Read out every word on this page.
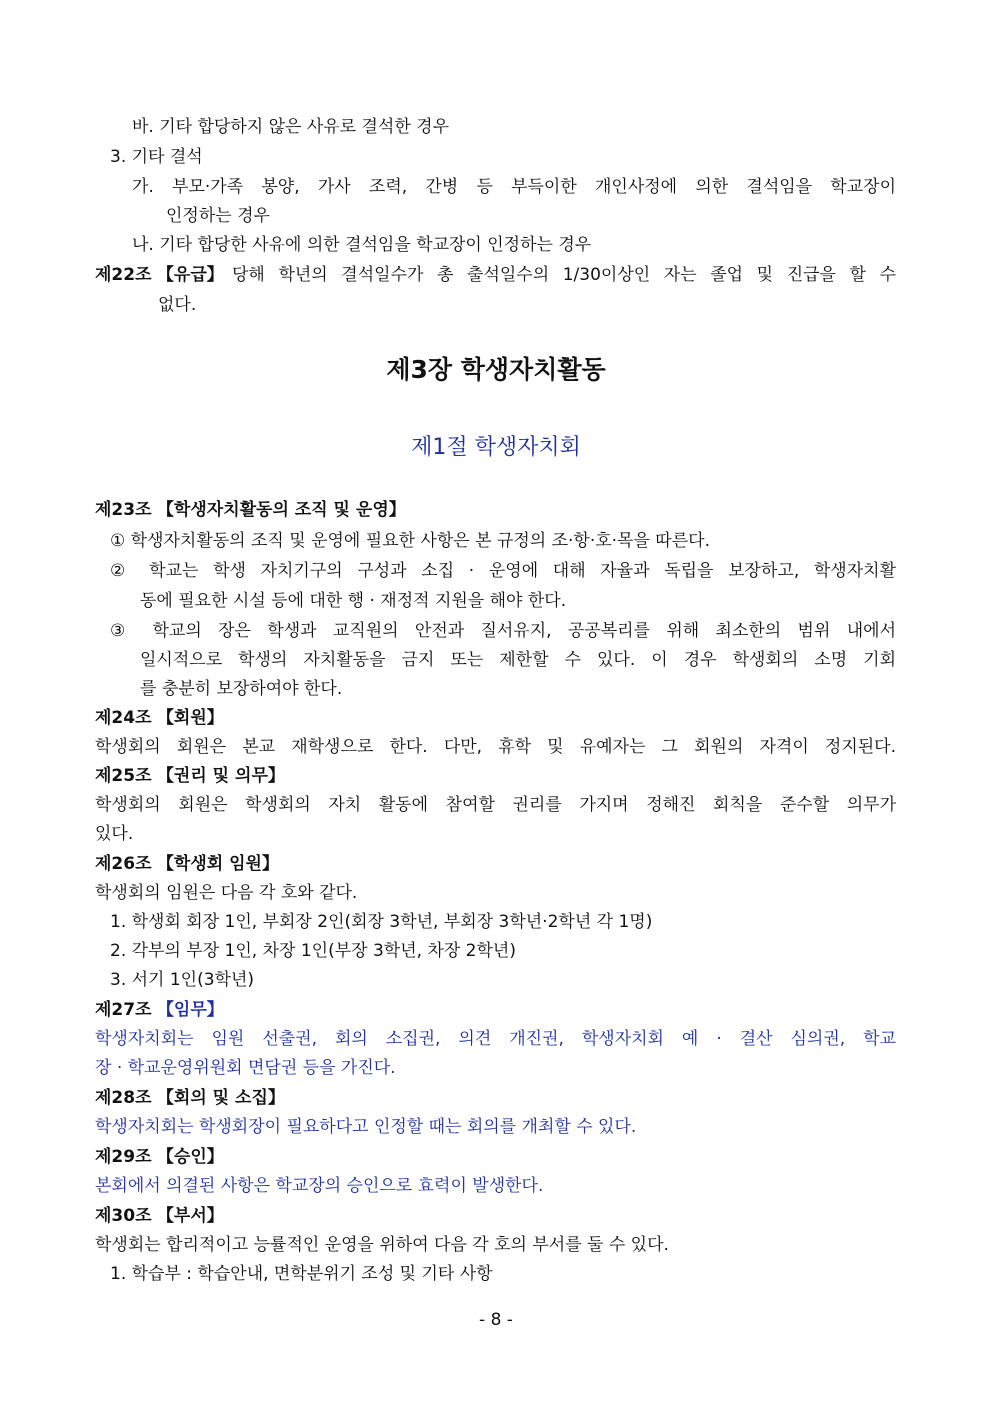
바. 기타 합당하지 않은 사유로 결석한 경우
3. 기타 결석
가. 부모·가족 봉양, 가사 조력, 간병 등 부득이한 개인사정에 의한 결석임을 학교장이
인정하는 경우
나. 기타 합당한 사유에 의한 결석임을 학교장이 인정하는 경우
제22조 【유급】 당해 학년의 결석일수가 총 출석일수의 1/30이상인 자는 졸업 및 진급을 할 수
없다.
제3장 학생자치활동
제1절 학생자치회
제23조 【학생자치활동의 조직 및 운영】
① 학생자치활동의 조직 및 운영에 필요한 사항은 본 규정의 조·항·호·목을 따른다.
② 학교는 학생 자치기구의 구성과 소집 · 운영에 대해 자율과 독립을 보장하고, 학생자치활
동에 필요한 시설 등에 대한 행 · 재정적 지원을 해야 한다.
③ 학교의 장은 학생과 교직원의 안전과 질서유지, 공공복리를 위해 최소한의 범위 내에서
일시적으로 학생의 자치활동을 금지 또는 제한할 수 있다. 이 경우 학생회의 소명 기회
를 충분히 보장하여야 한다.
제24조 【회원】
학생회의 회원은 본교 재학생으로 한다. 다만, 휴학 및 유예자는 그 회원의 자격이 정지된다.
제25조 【권리 및 의무】
학생회의 회원은 학생회의 자치 활동에 참여할 권리를 가지며 정해진 회칙을 준수할 의무가
있다.
제26조 【학생회 임원】
학생회의 임원은 다음 각 호와 같다.
1. 학생회 회장 1인, 부회장 2인(회장 3학년, 부회장 3학년·2학년 각 1명)
2. 각부의 부장 1인, 차장 1인(부장 3학년, 차장 2학년)
3. 서기 1인(3학년)
제27조 【임무】
학생자치회는 임원 선출권, 회의 소집권, 의견 개진권, 학생자치회 예 · 결산 심의권, 학교
장 · 학교운영위원회 면담권 등을 가진다.
제28조 【회의 및 소집】
학생자치회는 학생회장이 필요하다고 인정할 때는 회의를 개최할 수 있다.
제29조 【승인】
본회에서 의결된 사항은 학교장의 승인으로 효력이 발생한다.
제30조 【부서】
학생회는 합리적이고 능률적인 운영을 위하여 다음 각 호의 부서를 둘 수 있다.
1. 학습부 : 학습안내, 면학분위기 조성 및 기타 사항
- 8 -
